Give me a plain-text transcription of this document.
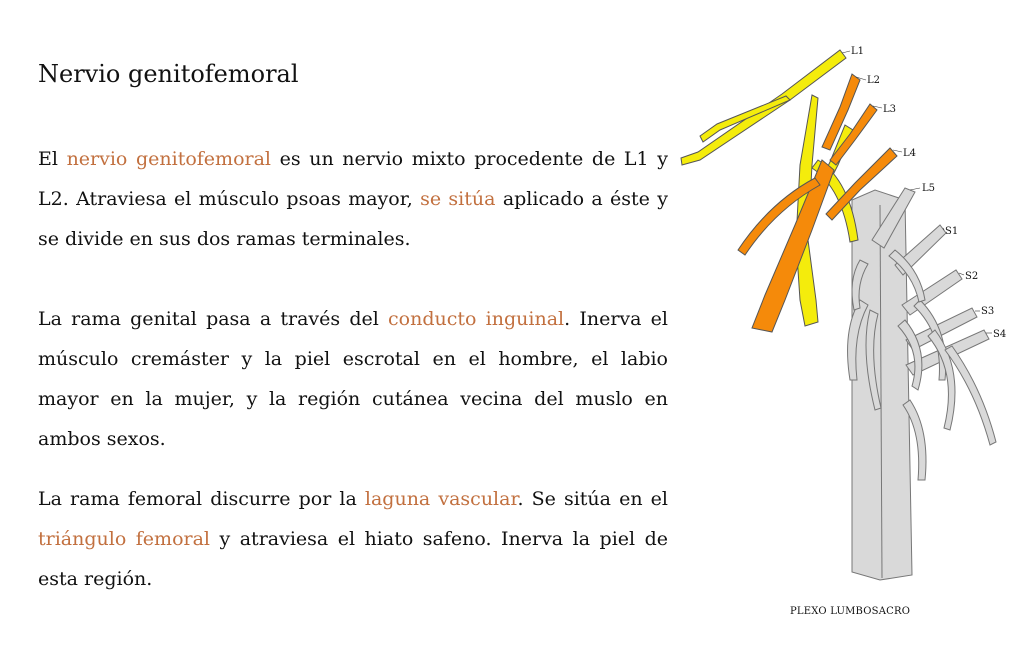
Nervio genitofemoral

El nervio genitofemoral es un nervio mixto procedente de L1 y L2. Atraviesa el músculo psoas mayor, se sitúa aplicado a éste y se divide en sus dos ramas terminales.

La rama genital pasa a través del conducto inguinal. Inerva el músculo cremáster y la piel escrotal en el hombre, el labio mayor en la mujer, y la región cutánea vecina del muslo en ambos sexos.

La rama femoral discurre por la laguna vascular. Se sitúa en el triángulo femoral y atraviesa el hiato safeno. Inerva la piel de esta región.

L1
L2
L3
L4
L5
S1
S2
S3
S4
PLEXO LUMBOSACRO
